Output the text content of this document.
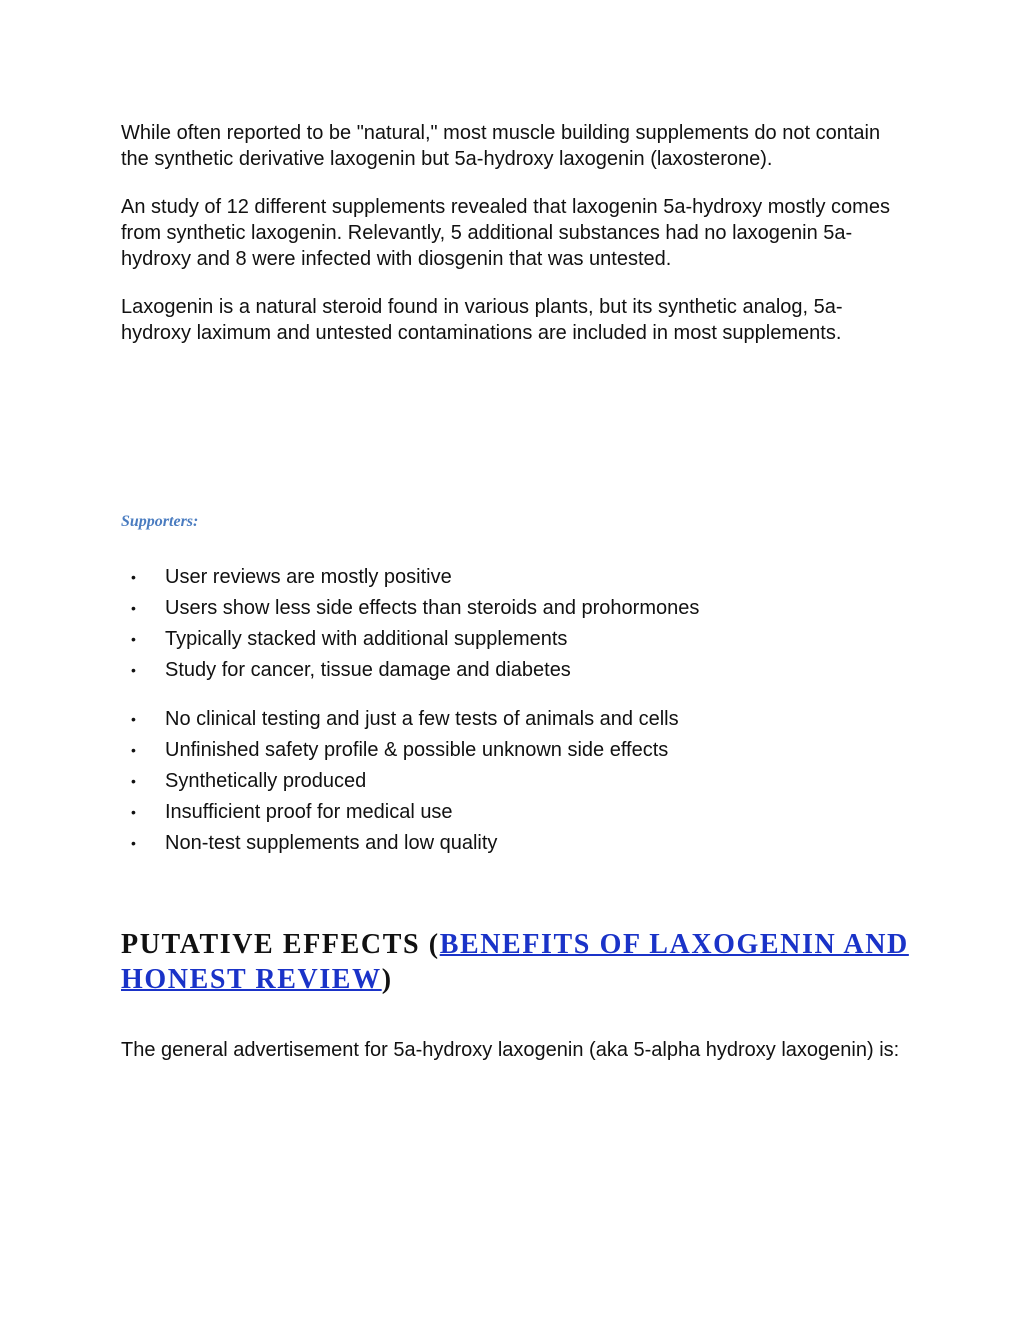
While often reported to be "natural," most muscle building supplements do not contain the synthetic derivative laxogenin but 5a-hydroxy laxogenin (laxosterone).

An study of 12 different supplements revealed that laxogenin 5a-hydroxy mostly comes from synthetic laxogenin. Relevantly, 5 additional substances had no laxogenin 5a-hydroxy and 8 were infected with diosgenin that was untested.

Laxogenin is a natural steroid found in various plants, but its synthetic analog, 5a-hydroxy laximum and untested contaminations are included in most supplements.

Supporters:

• User reviews are mostly positive
• Users show less side effects than steroids and prohormones
• Typically stacked with additional supplements
• Study for cancer, tissue damage and diabetes
• No clinical testing and just a few tests of animals and cells
• Unfinished safety profile & possible unknown side effects
• Synthetically produced
• Insufficient proof for medical use
• Non-test supplements and low quality
PUTATIVE EFFECTS (BENEFITS OF LAXOGENIN AND HONEST REVIEW)

The general advertisement for 5a-hydroxy laxogenin (aka 5-alpha hydroxy laxogenin) is:
